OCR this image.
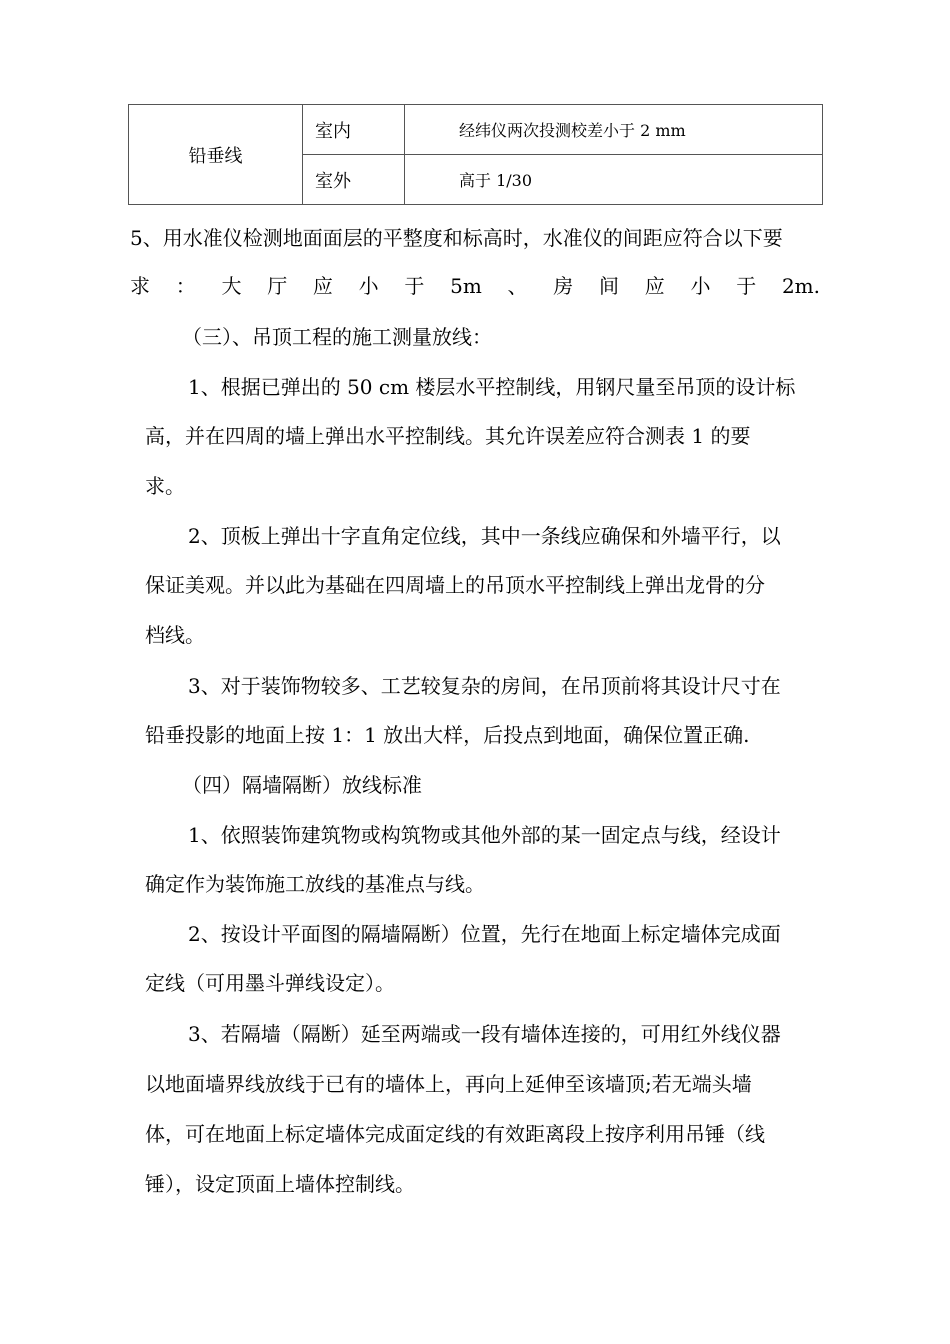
铅垂线	室内	经纬仪两次投测校差小于 2 mm
	室外	高于 1/30
5、用水准仪检测地面面层的平整度和标高时，水准仪的间距应符合以下要
求：大厅应小于5m、房间应小于2m.
（三）、吊顶工程的施工测量放线：
1、根据已弹出的 50 cm 楼层水平控制线，用钢尺量至吊顶的设计标
高，并在四周的墙上弹出水平控制线。其允许误差应符合测表 1 的要
求。
2、顶板上弹出十字直角定位线，其中一条线应确保和外墙平行，以
保证美观。并以此为基础在四周墙上的吊顶水平控制线上弹出龙骨的分
档线。
3、对于装饰物较多、工艺较复杂的房间，在吊顶前将其设计尺寸在
铅垂投影的地面上按 1：1 放出大样，后投点到地面，确保位置正确.
（四）隔墙隔断）放线标准
1、依照装饰建筑物或构筑物或其他外部的某一固定点与线，经设计
确定作为装饰施工放线的基准点与线。
2、按设计平面图的隔墙隔断）位置，先行在地面上标定墙体完成面
定线（可用墨斗弹线设定）。
3、若隔墙（隔断）延至两端或一段有墙体连接的，可用红外线仪器
以地面墙界线放线于已有的墙体上，再向上延伸至该墙顶;若无端头墙
体，可在地面上标定墙体完成面定线的有效距离段上按序利用吊锤（线
锤），设定顶面上墙体控制线。
